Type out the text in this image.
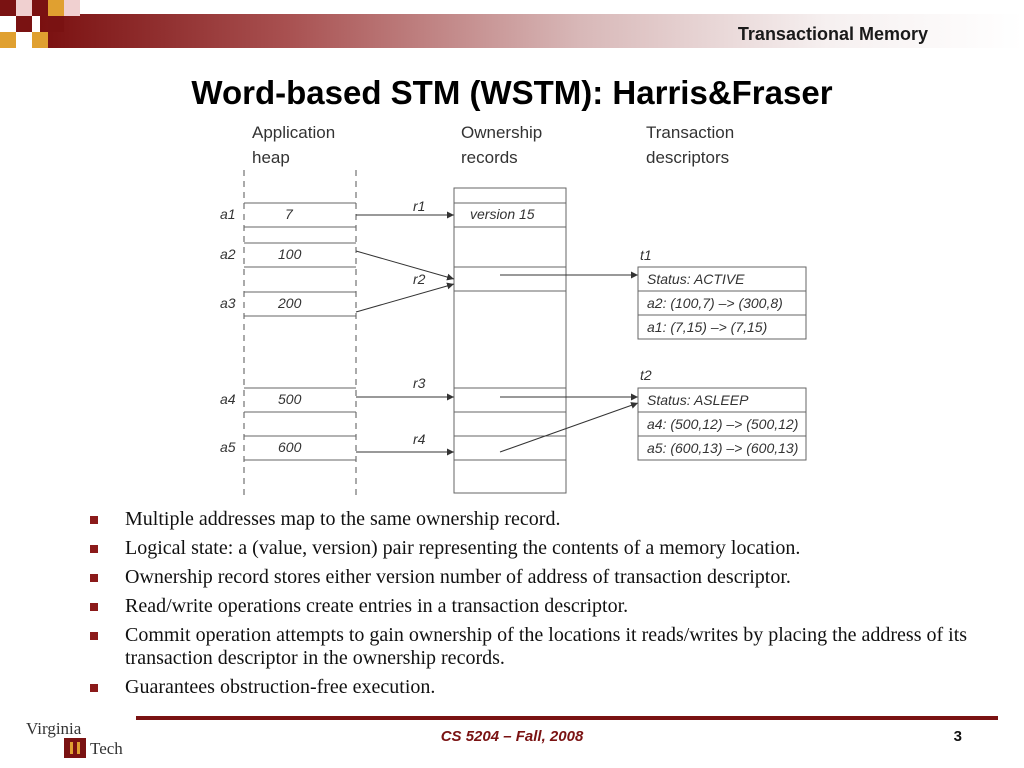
Transactional Memory
Word-based STM (WSTM): Harris&Fraser
Application
heap
Ownership
records
Transaction
descriptors
a1	7
a2	100
a3	200
a4	500
a5	600
version 15
r1
r2
r3
r4
t1
Status: ACTIVE
a2: (100,7) –> (300,8)
a1: (7,15) –> (7,15)
t2
Status: ASLEEP
a4: (500,12) –> (500,12)
a5: (600,13) –> (600,13)
Multiple addresses map to the same ownership record.
Logical state: a (value, version) pair representing the contents of a memory location.
Ownership record stores either version number of address of transaction descriptor.
Read/write operations create entries in a transaction descriptor.
Commit operation attempts to gain ownership of the locations it reads/writes by placing the address of its transaction descriptor in the ownership records.
Guarantees obstruction-free execution.
Virginia
Tech
CS 5204 – Fall, 2008	3
